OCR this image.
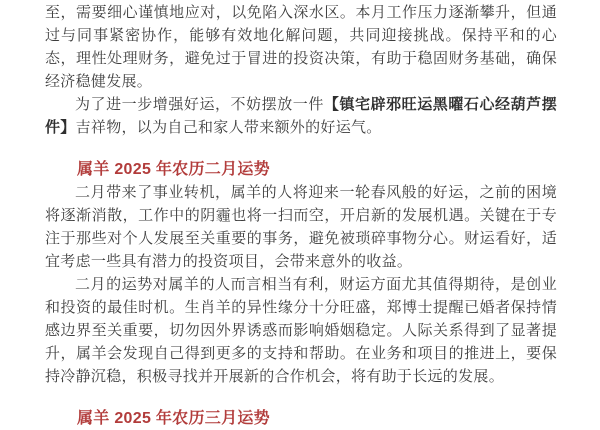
至，需要细心谨慎地应对，以免陷入深水区。本月工作压力逐渐攀升，但通过与同事紧密协作，能够有效地化解问题，共同迎接挑战。保持平和的心态，理性处理财务，避免过于冒进的投资决策，有助于稳固财务基础，确保经济稳健发展。

为了进一步增强好运，不妨摆放一件【镇宅辟邪旺运黑曜石心经葫芦摆件】吉祥物，以为自己和家人带来额外的好运气。

属羊 2025 年农历二月运势

二月带来了事业转机，属羊的人将迎来一轮春风般的好运，之前的困境将逐渐消散，工作中的阴霾也将一扫而空，开启新的发展机遇。关键在于专注于那些对个人发展至关重要的事务，避免被琐碎事物分心。财运看好，适宜考虑一些具有潜力的投资项目，会带来意外的收益。

二月的运势对属羊的人而言相当有利，财运方面尤其值得期待，是创业和投资的最佳时机。生肖羊的异性缘分十分旺盛，郑博士提醒已婚者保持情感边界至关重要，切勿因外界诱惑而影响婚姻稳定。人际关系得到了显著提升，属羊会发现自己得到更多的支持和帮助。在业务和项目的推进上，要保持冷静沉稳，积极寻找并开展新的合作机会，将有助于长远的发展。

属羊 2025 年农历三月运势
